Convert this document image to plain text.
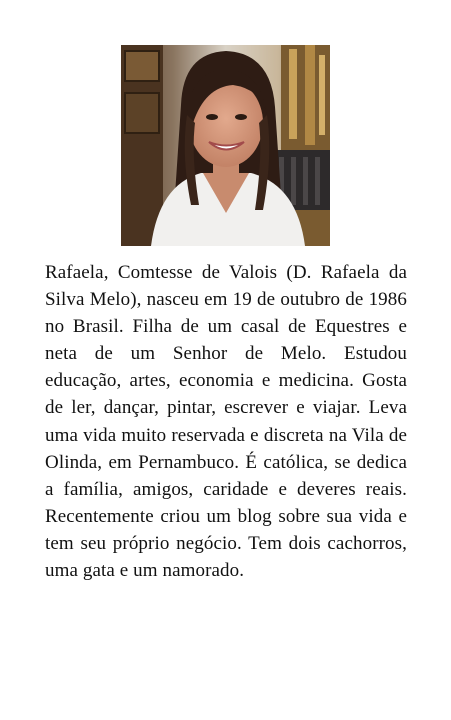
Rafaela, Comtesse de Valois (D. Rafaela da Silva Melo), nasceu em 19 de outubro de 1986 no Brasil. Filha de um casal de Equestres e neta de um Senhor de Melo. Estudou educação, artes, economia e medicina. Gosta de ler, dançar, pintar, escrever e viajar. Leva uma vida muito reservada e discreta na Vila de Olinda, em Pernambuco. É católica, se dedica a família, amigos, caridade e deveres reais. Recentemente criou um blog sobre sua vida e tem seu próprio negócio. Tem dois cachorros, uma gata e um namorado.
